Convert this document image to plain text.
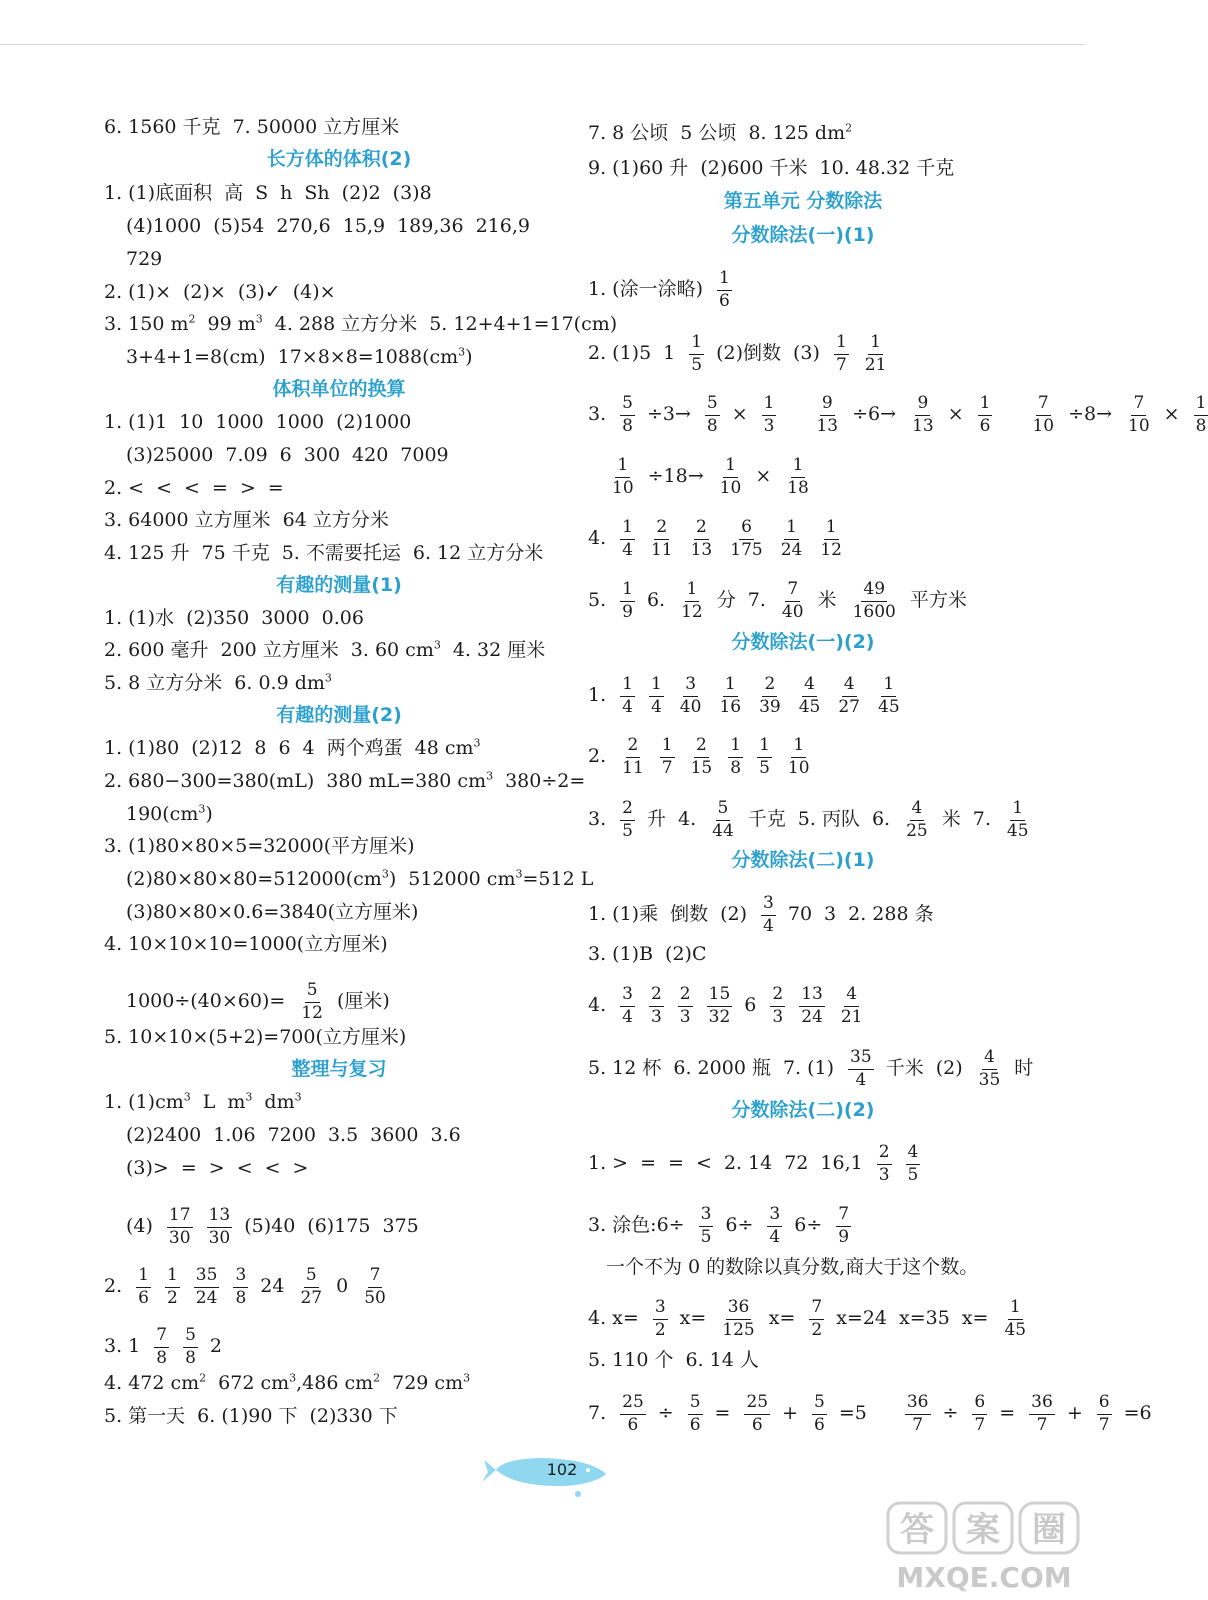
6. 1560 千克 7. 50000 立方厘米
长方体的体积(2)
1. (1)底面积 高 S h Sh (2)2 (3)8
(4)1000 (5)54 270,6 15,9 189,36 216,9
729
2. (1)× (2)× (3)✓ (4)×
3. 150 $m^2$ 99 $m^3$ 4. 288 立方分米 5. 12+4+1=17(cm)
3+4+1=8(cm) $17\times 8\times 8=1088(cm^3)$
体积单位的换算
1. (1)1 10 1000 1000 (2)1000
(3)25000 7.09 6 300 420 7009
2. < < < = > =
3. 64000 立方厘米 64 立方分米
4. 125 升 75 千克 5. 不需要托运 6. 12 立方分米
有趣的测量(1)
1. (1)水 (2)350 3000 0.06
2. 600 毫升 200 立方厘米 3. 60 $cm^3$ 4. 32 厘米
5. 8 立方分米 6. 0.9 $dm^3$
有趣的测量(2)
1. (1)80 (2)12 8 6 4 两个鸡蛋 48 $cm^3$
2. 680−300=380(mL) 380 mL=380 $cm^3$ 380÷2=
$190(cm^3)$
3. (1)80×80×5=32000(平方厘米)
$(2)80\times 80\times 80=512000(cm^3)$ 512000 $cm^3=512$ L
(3)80×80×0.6=3840(立方厘米)
4. 10×10×10=1000(立方厘米)
$1000\div(40\times 60)= \frac{5}{12}$ (厘米)
5. 10×10×(5+2)=700(立方厘米)
整理与复习
1. $(1)cm^3$ L $m^3$ $dm^3$
(2)2400 1.06 7200 3.5 3600 3.6
(3)> = > < < >
$(4) \frac{17}{30} \frac{13}{30} (5)40$ (6)175 375
2. $\frac{1}{6} \frac{1}{2} \frac{35}{24} \frac{3}{8} 24 \frac{5}{27} 0 \frac{7}{50}$
3. $1 \frac{7}{8} \frac{5}{8} 2$
4. 472 $cm^2$ 672 $cm^3,486$ $cm^2$ 729 $cm^3$
5. 第一天 6. (1)90 下 (2)330 下
7. 8 公顷 5 公顷 8. 125 $dm^2$
9. (1)60 升 (2)600 千米 10. 48.32 千克
第五单元 分数除法
分数除法(一)(1)
1. (涂一涂略) $\frac{1}{6}$
2. (1)5 $1 \frac{1}{5} (2)$倒数 $(3) \frac{1}{7} \frac{1}{21}$
3. $\frac{5}{8} \div 3\to \frac{5}{8} \times \frac{1}{3} \frac{9}{13} \div 6\to \frac{9}{13} \times \frac{1}{6} \frac{7}{10} \div 8\to \frac{7}{10} \times \frac{1}{8}$
$\frac{1}{10} \div 18\to \frac{1}{10} \times \frac{1}{18}$
4. $\frac{1}{4} \frac{2}{11} \frac{2}{13} \frac{6}{175} \frac{1}{24} \frac{1}{12}$
5. $\frac{1}{9} 6$. $\frac{1}{12}$ 分 7. $\frac{7}{40}$ 米 $\frac{49}{1600}$ 平方米
分数除法(一)(2)
1. $\frac{1}{4} \frac{1}{4} \frac{3}{40} \frac{1}{16} \frac{2}{39} \frac{4}{45} \frac{4}{27} \frac{1}{45}$
2. $\frac{2}{11} \frac{1}{7} \frac{2}{15} \frac{1}{8} \frac{1}{5} \frac{1}{10}$
3. $\frac{2}{5}$ 升 4. $\frac{5}{44}$ 千克 5. 丙队 6. $\frac{4}{25}$ 米 7. $\frac{1}{45}$
分数除法(二)(1)
1. (1)乘 倒数 $(2) \frac{3}{4} 70$ 3 2. 288 条
3. (1)B (2)C
4. $\frac{3}{4} \frac{2}{3} \frac{2}{3} \frac{15}{32} 6 \frac{2}{3} \frac{13}{24} \frac{4}{21}$
5. 12 杯 6. 2000 瓶 7. $(1) \frac{35}{4}$ 千米 $(2) \frac{4}{35}$ 时
分数除法(二)(2)
1. > = = < 2. 14 72 $16,1 \frac{2}{3} \frac{4}{5}$
3. 涂色:6÷ $\frac{3}{5} 6\div \frac{3}{4} 6\div \frac{7}{9}$
一个不为 0 的数除以真分数,商大于这个数。
4. $x= \frac{3}{2} x= \frac{36}{125} x= \frac{7}{2} x=24$ x=35 $x= \frac{1}{45}$
5. 110 个 6. 14 人
7. $\frac{25}{6} \div \frac{5}{6} = \frac{25}{6} + \frac{5}{6} =5 \frac{36}{7} \div \frac{6}{7} = \frac{36}{7} + \frac{6}{7} =6$
102
答 案 圈
MXQE.COM
